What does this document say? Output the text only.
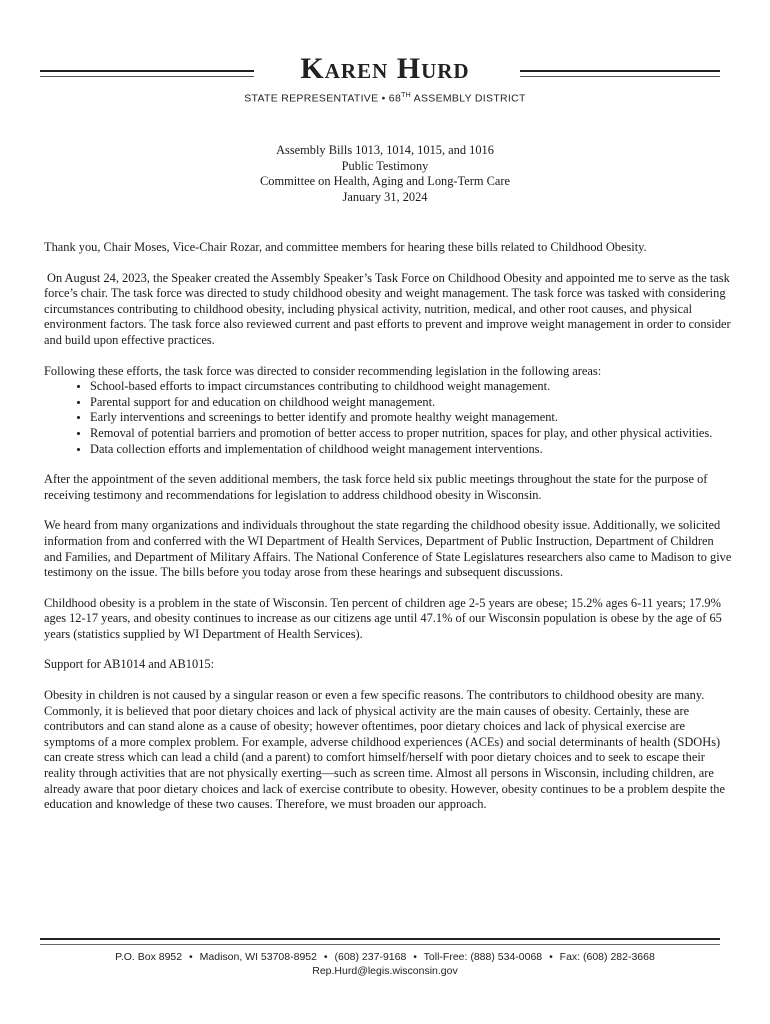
Karen Hurd
STATE REPRESENTATIVE • 68TH ASSEMBLY DISTRICT
Assembly Bills 1013, 1014, 1015, and 1016
Public Testimony
Committee on Health, Aging and Long-Term Care
January 31, 2024

Thank you, Chair Moses, Vice-Chair Rozar, and committee members for hearing these bills related to Childhood Obesity.

On August 24, 2023, the Speaker created the Assembly Speaker’s Task Force on Childhood Obesity and appointed me to serve as the task force’s chair. The task force was directed to study childhood obesity and weight management. The task force was tasked with considering circumstances contributing to childhood obesity, including physical activity, nutrition, medical, and other root causes, and physical environment factors. The task force also reviewed current and past efforts to prevent and improve weight management in order to consider and build upon effective practices.

Following these efforts, the task force was directed to consider recommending legislation in the following areas:

• School-based efforts to impact circumstances contributing to childhood weight management.
• Parental support for and education on childhood weight management.
• Early interventions and screenings to better identify and promote healthy weight management.
• Removal of potential barriers and promotion of better access to proper nutrition, spaces for play, and other physical activities.
• Data collection efforts and implementation of childhood weight management interventions.

After the appointment of the seven additional members, the task force held six public meetings throughout the state for the purpose of receiving testimony and recommendations for legislation to address childhood obesity in Wisconsin.

We heard from many organizations and individuals throughout the state regarding the childhood obesity issue. Additionally, we solicited information from and conferred with the WI Department of Health Services, Department of Public Instruction, Department of Children and Families, and Department of Military Affairs. The National Conference of State Legislatures researchers also came to Madison to give testimony on the issue. The bills before you today arose from these hearings and subsequent discussions.

Childhood obesity is a problem in the state of Wisconsin. Ten percent of children age 2-5 years are obese; 15.2% ages 6-11 years; 17.9% ages 12-17 years, and obesity continues to increase as our citizens age until 47.1% of our Wisconsin population is obese by the age of 65 years (statistics supplied by WI Department of Health Services).

Support for AB1014 and AB1015:

Obesity in children is not caused by a singular reason or even a few specific reasons. The contributors to childhood obesity are many. Commonly, it is believed that poor dietary choices and lack of physical activity are the main causes of obesity. Certainly, these are contributors and can stand alone as a cause of obesity; however oftentimes, poor dietary choices and lack of physical exercise are symptoms of a more complex problem. For example, adverse childhood experiences (ACEs) and social determinants of health (SDOHs) can create stress which can lead a child (and a parent) to comfort himself/herself with poor dietary choices and to seek to escape their reality through activities that are not physically exerting—such as screen time. Almost all persons in Wisconsin, including children, are already aware that poor dietary choices and lack of exercise contribute to obesity. However, obesity continues to be a problem despite the education and knowledge of these two causes. Therefore, we must broaden our approach.

P.O. Box 8952 • Madison, WI 53708-8952 • (608) 237-9168 • Toll-Free: (888) 534-0068 • Fax: (608) 282-3668
Rep.Hurd@legis.wisconsin.gov
